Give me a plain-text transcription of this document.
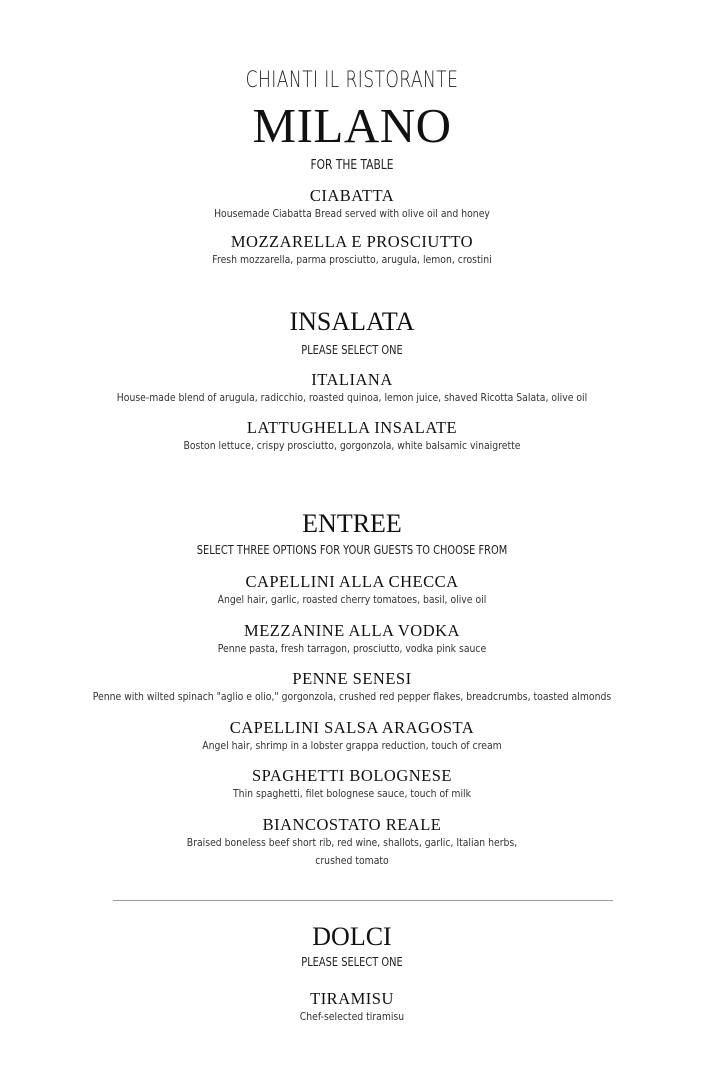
CHIANTI IL RISTORANTE
MILANO
FOR THE TABLE
CIABATTA
Housemade Ciabatta Bread served with olive oil and honey
MOZZARELLA E PROSCIUTTO
Fresh mozzarella, parma prosciutto, arugula, lemon, crostini
INSALATA
PLEASE SELECT ONE
ITALIANA
House-made blend of arugula, radicchio, roasted quinoa, lemon juice, shaved Ricotta Salata, olive oil
LATTUGHELLA INSALATE
Boston lettuce, crispy prosciutto, gorgonzola, white balsamic vinaigrette
ENTREE
SELECT THREE OPTIONS FOR YOUR GUESTS TO CHOOSE FROM
CAPELLINI ALLA CHECCA
Angel hair, garlic, roasted cherry tomatoes, basil, olive oil
MEZZANINE ALLA VODKA
Penne pasta, fresh tarragon, prosciutto, vodka pink sauce
PENNE SENESI
Penne with wilted spinach "aglio e olio," gorgonzola, crushed red pepper flakes, breadcrumbs, toasted almonds
CAPELLINI SALSA ARAGOSTA
Angel hair, shrimp in a lobster grappa reduction, touch of cream
SPAGHETTI BOLOGNESE
Thin spaghetti, filet bolognese sauce, touch of milk
BIANCOSTATO REALE
Braised boneless beef short rib, red wine, shallots, garlic, Italian herbs,
crushed tomato
DOLCI
PLEASE SELECT ONE
TIRAMISU
Chef-selected tiramisu
